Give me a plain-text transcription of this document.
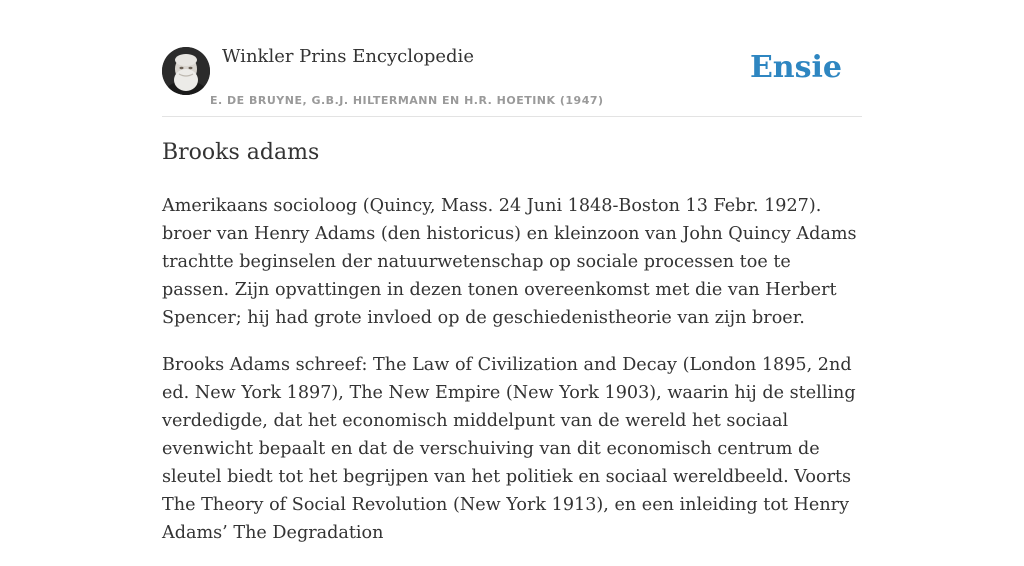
Winkler Prins Encyclopedie
E. DE BRUYNE, G.B.J. HILTERMANN EN H.R. HOETINK (1947)
Ensie
Brooks adams

Amerikaans socioloog (Quincy, Mass. 24 Juni 1848-Boston 13 Febr. 1927). broer van Henry Adams (den historicus) en kleinzoon van John Quincy Adams trachtte beginselen der natuurwetenschap op sociale processen toe te passen. Zijn opvattingen in dezen tonen overeenkomst met die van Herbert Spencer; hij had grote invloed op de geschiedenistheorie van zijn broer.

Brooks Adams schreef: The Law of Civilization and Decay (London 1895, 2nd ed. New York 1897), The New Empire (New York 1903), waarin hij de stelling verdedigde, dat het economisch middelpunt van de wereld het sociaal evenwicht bepaalt en dat de verschuiving van dit economisch centrum de sleutel biedt tot het begrijpen van het politiek en sociaal wereldbeeld. Voorts The Theory of Social Revolution (New York 1913), en een inleiding tot Henry Adams’ The Degradation
